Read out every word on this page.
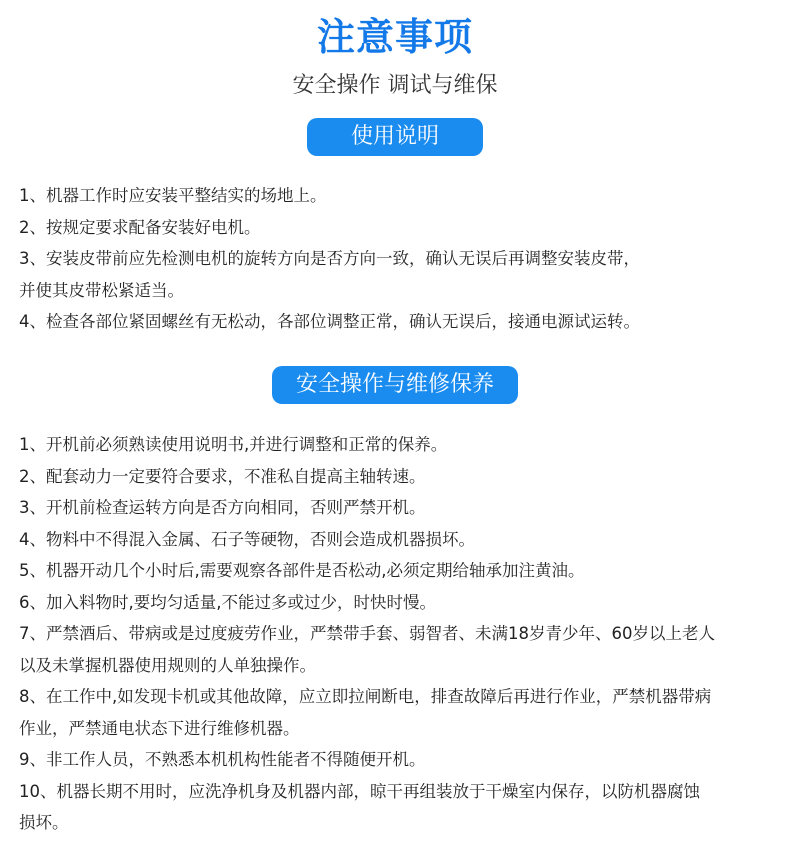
注意事项
安全操作 调试与维保
使用说明
1、机器工作时应安装平整结实的场地上。
2、按规定要求配备安装好电机。
3、安装皮带前应先检测电机的旋转方向是否方向一致，确认无误后再调整安装皮带，
并使其皮带松紧适当。
4、检查各部位紧固螺丝有无松动，各部位调整正常，确认无误后，接通电源试运转。
安全操作与维修保养
1、开机前必须熟读使用说明书,并进行调整和正常的保养。
2、配套动力一定要符合要求，不准私自提高主轴转速。
3、开机前检查运转方向是否方向相同，否则严禁开机。
4、物料中不得混入金属、石子等硬物，否则会造成机器损坏。
5、机器开动几个小时后,需要观察各部件是否松动,必须定期给轴承加注黄油。
6、加入料物时,要均匀适量,不能过多或过少，时快时慢。
7、严禁酒后、带病或是过度疲劳作业，严禁带手套、弱智者、未满18岁青少年、60岁以上老人
以及未掌握机器使用规则的人单独操作。
8、在工作中,如发现卡机或其他故障，应立即拉闸断电，排查故障后再进行作业，严禁机器带病
作业，严禁通电状态下进行维修机器。
9、非工作人员，不熟悉本机机构性能者不得随便开机。
10、机器长期不用时，应洗净机身及机器内部，晾干再组装放于干燥室内保存，以防机器腐蚀
损坏。
